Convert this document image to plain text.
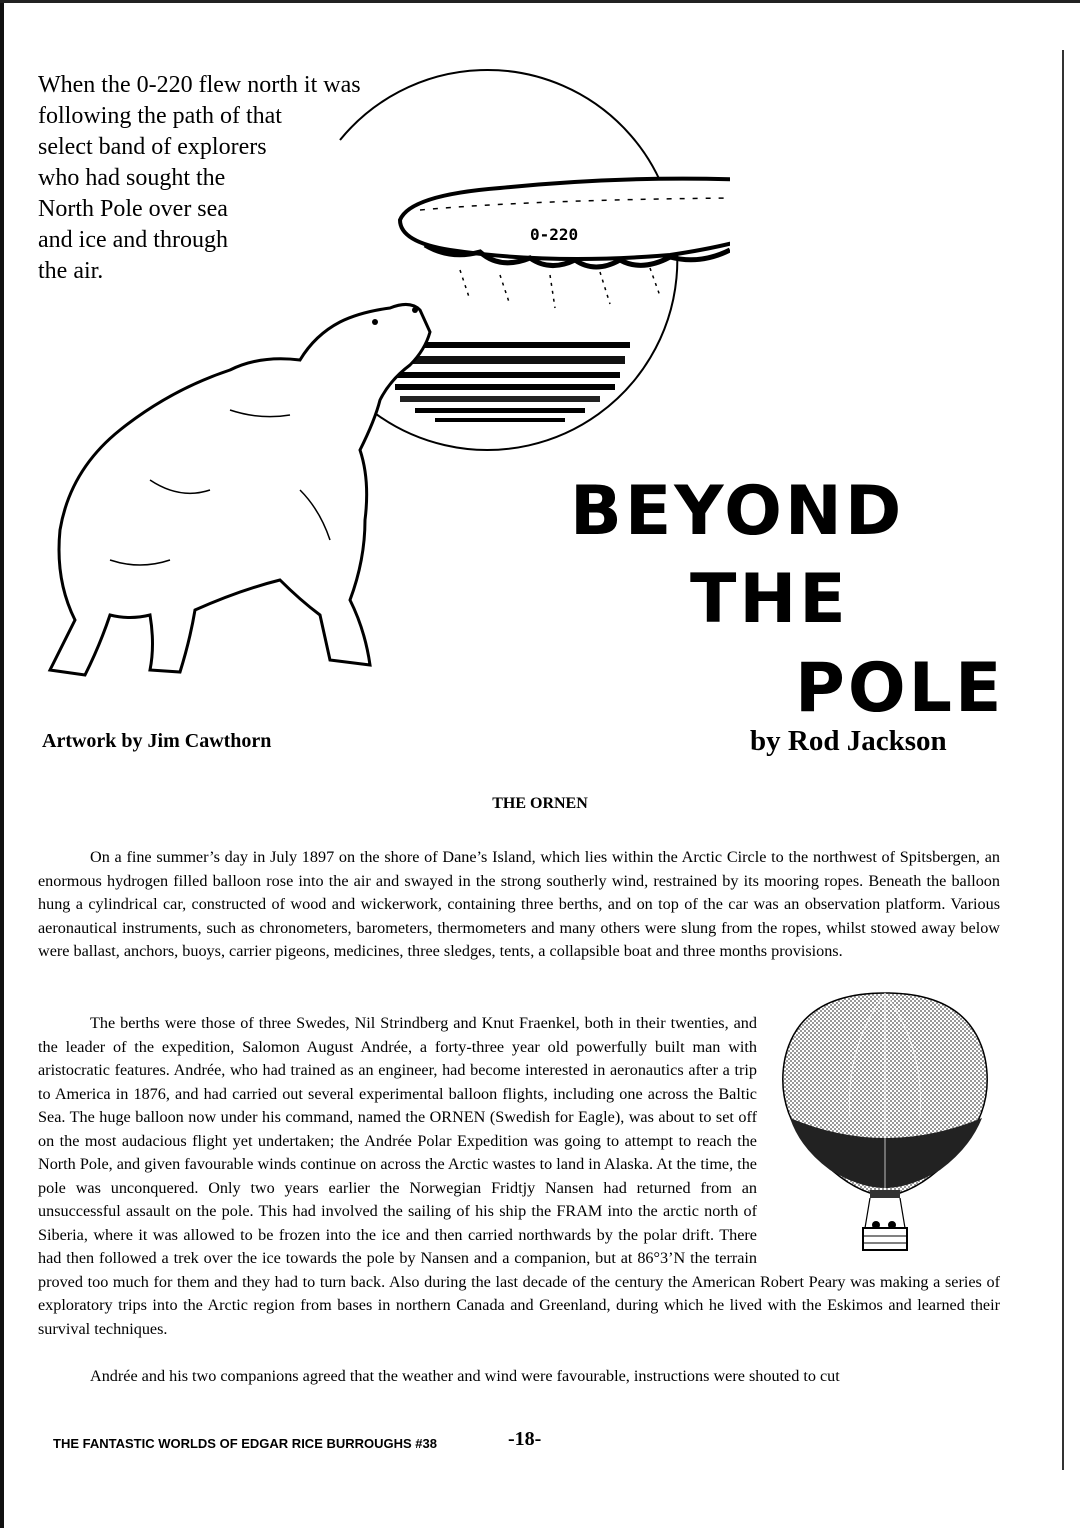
0-220
When the 0-220 flew north it was
following the path of that
select band of explorers
who had sought the
North Pole over sea
and ice and through
the air.
BEYOND
THE
POLE

Artwork by Jim Cawthorn	by Rod Jackson

THE ORNEN

On a fine summer’s day in July 1897 on the shore of Dane’s Island, which lies within the Arctic Circle to the northwest of Spitsbergen, an enormous hydrogen filled balloon rose into the air and swayed in the strong southerly wind, restrained by its mooring ropes. Beneath the balloon hung a cylindrical car, constructed of wood and wickerwork, containing three berths, and on top of the car was an observation platform. Various aeronautical instruments, such as chronometers, barometers, thermometers and many others were slung from the ropes, whilst stowed away below were ballast, anchors, buoys, carrier pigeons, medicines, three sledges, tents, a collapsible boat and three months provisions.

The berths were those of three Swedes, Nil Strindberg and Knut Fraenkel, both in their twenties, and the leader of the expedition, Salomon August Andrée, a forty-three year old powerfully built man with aristocratic features. Andrée, who had trained as an engineer, had become interested in aeronautics after a trip to America in 1876, and had carried out several experimental balloon flights, including one across the Baltic Sea. The huge balloon now under his command, named the ORNEN (Swedish for Eagle), was about to set off on the most audacious flight yet undertaken; the Andrée Polar Expedition was going to attempt to reach the North Pole, and given favourable winds continue on across the Arctic wastes to land in Alaska. At the time, the pole was unconquered. Only two years earlier the Norwegian Fridtjy Nansen had returned from an unsuccessful assault on the pole. This had involved the sailing of his ship the FRAM into the arctic north of Siberia, where it was allowed to be frozen into the ice and then carried northwards by the polar drift. There had then followed a trek over the ice towards the pole by Nansen and a companion, but at 86°3’N the terrain proved too much for them and they had to turn back. Also during the last decade of the century the American Robert Peary was making a series of exploratory trips into the Arctic region from bases in northern Canada and Greenland, during which he lived with the Eskimos and learned their survival techniques.

Andrée and his two companions agreed that the weather and wind were favourable, instructions were shouted to cut

THE FANTASTIC WORLDS OF EDGAR RICE BURROUGHS #38	-18-
